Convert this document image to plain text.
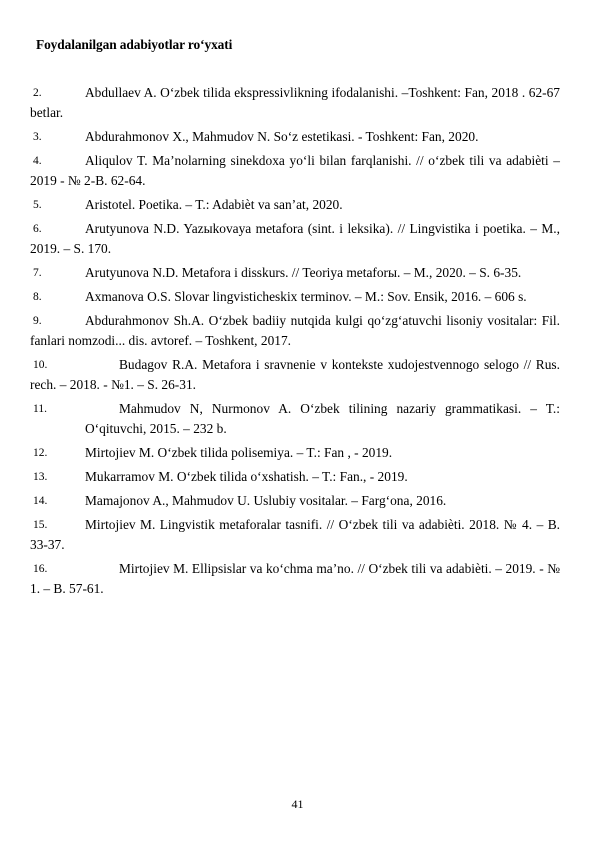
Foydalanilgan adabiyotlar ro‘yxati
2.	Abdullaev A. O‘zbek tilida ekspressivlikning ifodalanishi. –Toshkent: Fan, 2018 . 62-67 betlar.
3.	Abdurahmonov X., Mahmudov N. So‘z estetikasi. - Toshkent: Fan, 2020.
4.	Aliqulov T. Ma’nolarning sinekdoxa yo‘li bilan farqlanishi. // o‘zbek tili va adabiѐti – 2019 - № 2-B. 62-64.
5.	Aristotel. Poetika. – T.: Adabiѐt va san’at, 2020.
6.	Arutyunova N.D. Yazыkovaya metafora (sint. i leksika). // Lingvistika i poetika. – M., 2019. – S. 170.
7.	Arutyunova N.D. Metafora i disskurs. // Teoriya metaforы. – M., 2020. – S. 6-35.
8.	Axmanova O.S. Slovar lingvisticheskix terminov. – M.: Sov. Ensik, 2016. – 606 s.
9.	Abdurahmonov Sh.A. O‘zbek badiiy nutqida kulgi qo‘zg‘atuvchi lisoniy vositalar: Fil. fanlari nomzodi... dis. avtoref. – Toshkent, 2017.
10.	Budagov R.A. Metafora i sravnenie v kontekste xudojestvennogo selogo // Rus. rech. – 2018. - №1. – S. 26-31.
11.	Mahmudov N, Nurmonov A. O‘zbek tilining nazariy grammatikasi. – T.: O‘qituvchi, 2015. – 232 b.
12.	Mirtojiev M. O‘zbek tilida polisemiya. – T.: Fan , - 2019.
13.	Mukarramov M. O‘zbek tilida o‘xshatish. – T.: Fan., - 2019.
14.	Mamajonov A., Mahmudov U. Uslubiy vositalar. – Farg‘ona, 2016.
15.	Mirtojiev M. Lingvistik metaforalar tasnifi. // O‘zbek tili va adabiѐti. 2018. № 4. – B. 33-37.
16.	Mirtojiev M. Ellipsislar va ko‘chma ma’no. // O‘zbek tili va adabiѐti. – 2019. - № 1. – B. 57-61.
41
